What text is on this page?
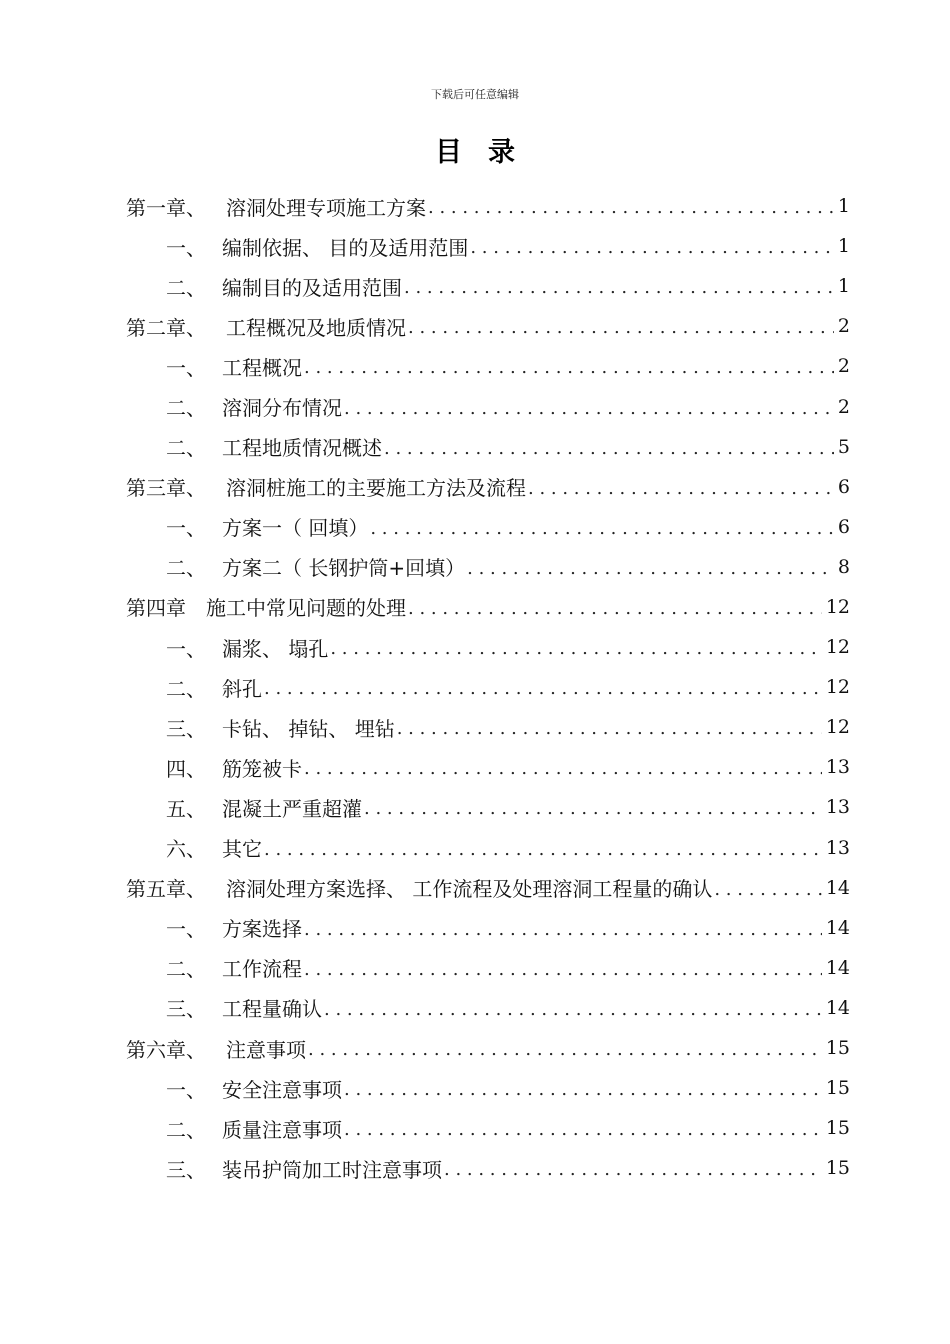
下载后可任意编辑
目录
第一章、 溶洞处理专项施工方案 . . .	1
一、 编制依据、 目的及适用范围 . . .	1
二、 编制目的及适用范围 . . .	1
第二章、 工程概况及地质情况 . . .	2
一、 工程概况 . . .	2
二、 溶洞分布情况 . . .	2
二、 工程地质情况概述 . . .	5
第三章、 溶洞桩施工的主要施工方法及流程 . . .	6
一、 方案一（ 回填） . . .	6
二、 方案二（ 长钢护筒+回填） . . .	8
第四章 施工中常见问题的处理 . . .	12
一、 漏浆、 塌孔 . . .	12
二、 斜孔 . . .	12
三、 卡钻、 掉钻、 埋钻 . . .	12
四、 筋笼被卡 . . .	13
五、 混凝土严重超灌 . . .	13
六、 其它 . . .	13
第五章、 溶洞处理方案选择、 工作流程及处理溶洞工程量的确认 . . .	14
一、 方案选择 . . .	14
二、 工作流程 . . .	14
三、 工程量确认 . . .	14
第六章、 注意事项 . . .	15
一、 安全注意事项 . . .	15
二、 质量注意事项 . . .	15
三、 装吊护筒加工时注意事项 . . .	15
